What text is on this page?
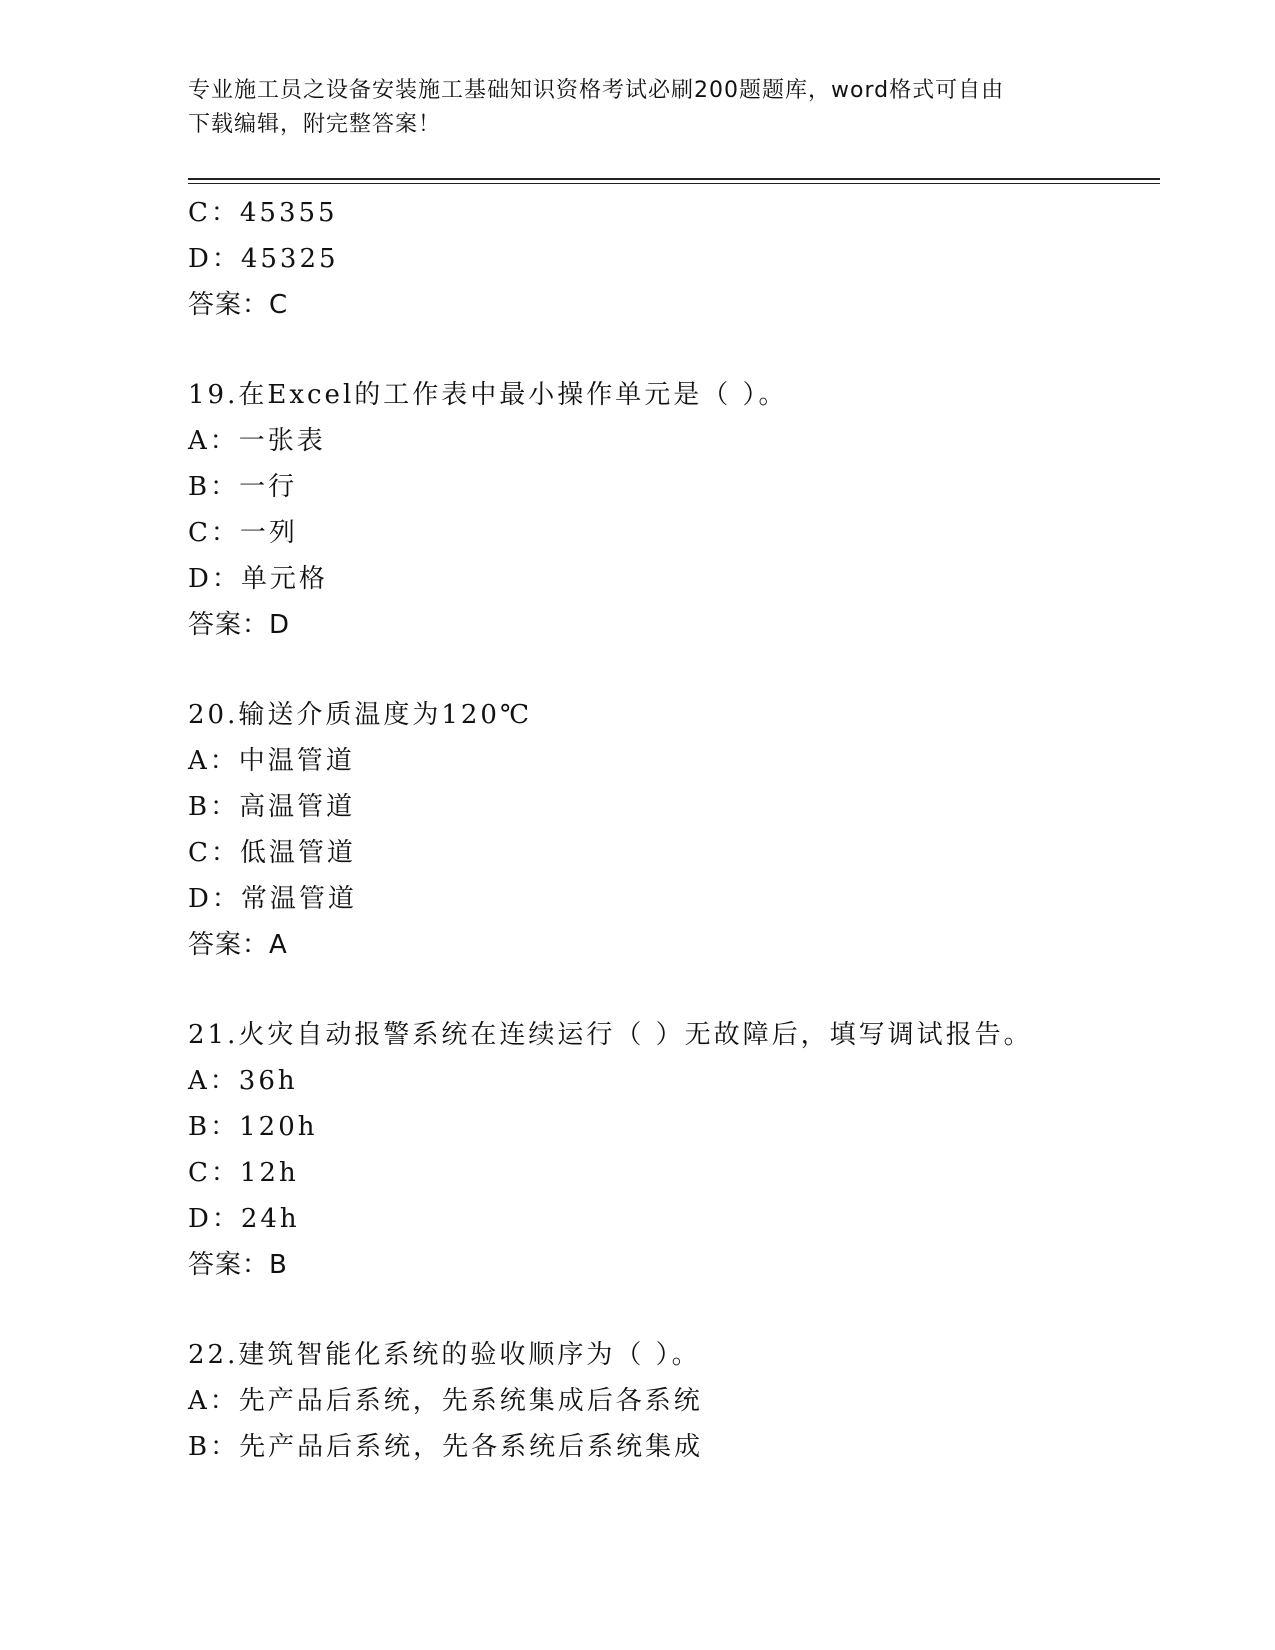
专业施工员之设备安装施工基础知识资格考试必刷200题题库，word格式可自由
下载编辑，附完整答案！
C：45355
D：45325
答案：C
19.在Excel的工作表中最小操作单元是（ ）。
A：一张表
B：一行
C：一列
D：单元格
答案：D
20.输送介质温度为120℃
A：中温管道
B：高温管道
C：低温管道
D：常温管道
答案：A
21.火灾自动报警系统在连续运行（ ）无故障后，填写调试报告。
A：36h
B：120h
C：12h
D：24h
答案：B
22.建筑智能化系统的验收顺序为（ ）。
A：先产品后系统，先系统集成后各系统
B：先产品后系统，先各系统后系统集成
